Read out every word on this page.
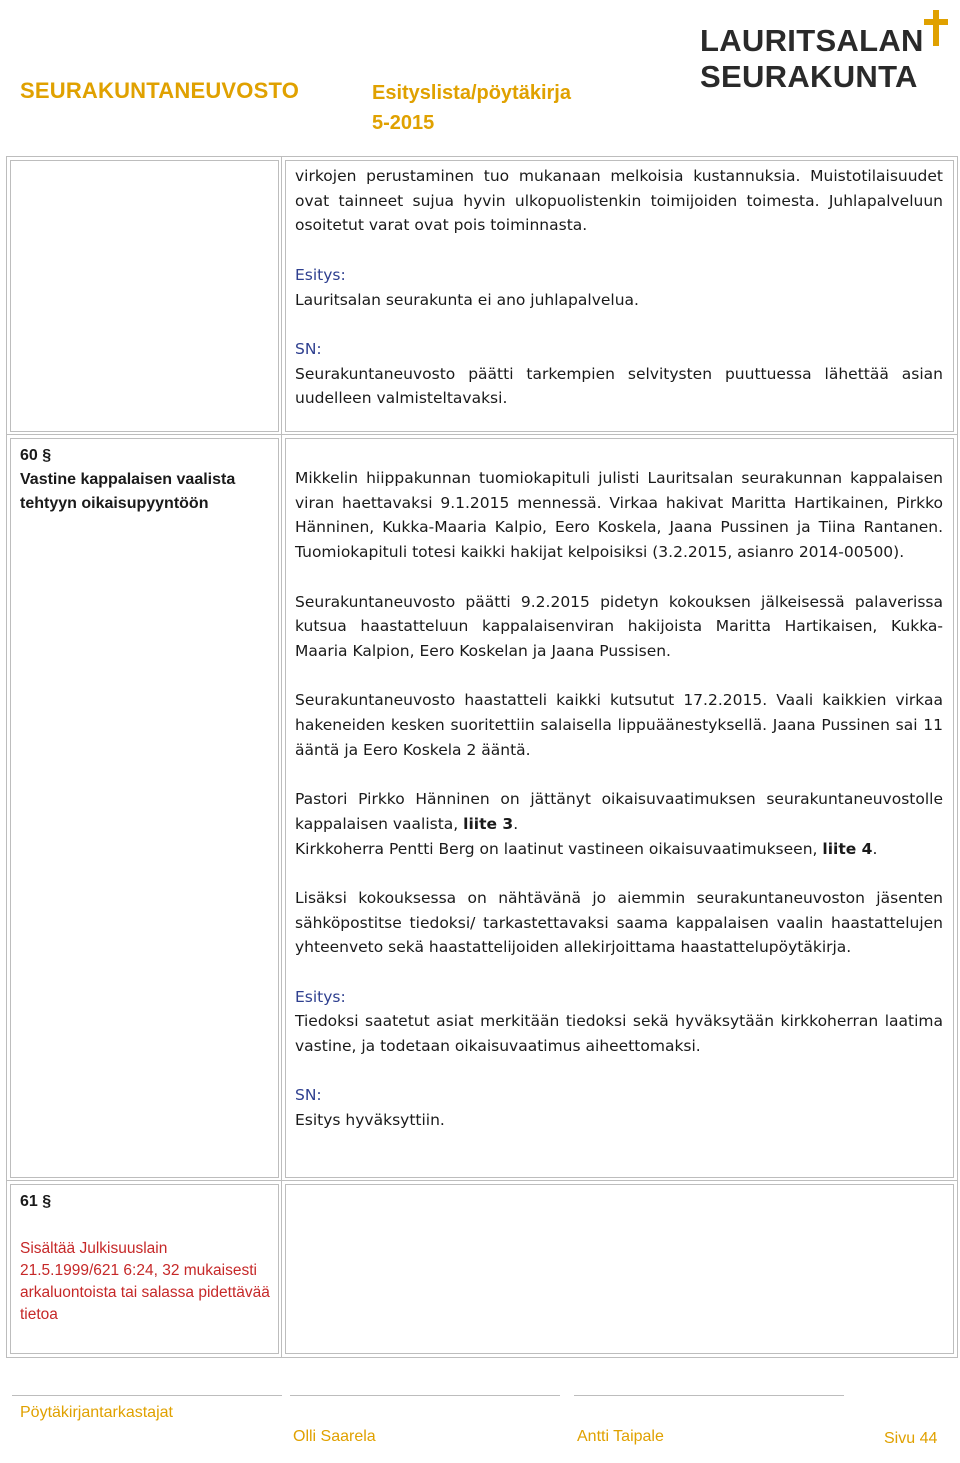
SEURAKUNTANEUVOSTO	Esityslista/pöytäkirja
5-2015
LAURITSALAN
SEURAKUNTA

virkojen perustaminen tuo mukanaan melkoisia kustannuksia. Muistotilaisuudet ovat tainneet sujua hyvin ulkopuolistenkin toimijoiden toimesta. Juhlapalveluun osoitetut varat ovat pois toiminnasta.

Esitys:

Lauritsalan seurakunta ei ano juhlapalvelua.

SN:

Seurakuntaneuvosto päätti tarkempien selvitysten puuttuessa lähettää asian uudelleen valmisteltavaksi.

60 §
Vastine kappalaisen vaalista tehtyyn oikaisupyyntöön

Mikkelin hiippakunnan tuomiokapituli julisti Lauritsalan seurakunnan kappalaisen viran haettavaksi 9.1.2015 mennessä. Virkaa hakivat Maritta Hartikainen, Pirkko Hänninen, Kukka-Maaria Kalpio, Eero Koskela, Jaana Pussinen ja Tiina Rantanen. Tuomiokapituli totesi kaikki hakijat kelpoisiksi (3.2.2015, asianro 2014-00500).

Seurakuntaneuvosto päätti 9.2.2015 pidetyn kokouksen jälkeisessä palaverissa kutsua haastatteluun kappalaisenviran hakijoista Maritta Hartikaisen, Kukka-Maaria Kalpion, Eero Koskelan ja Jaana Pussisen.

Seurakuntaneuvosto haastatteli kaikki kutsutut 17.2.2015. Vaali kaikkien virkaa hakeneiden kesken suoritettiin salaisella lippuäänestyksellä. Jaana Pussinen sai 11 ääntä ja Eero Koskela 2 ääntä.

Pastori Pirkko Hänninen on jättänyt oikaisuvaatimuksen seurakuntaneuvostolle kappalaisen vaalista, liite 3.

Kirkkoherra Pentti Berg on laatinut vastineen oikaisuvaatimukseen, liite 4.

Lisäksi kokouksessa on nähtävänä jo aiemmin seurakuntaneuvoston jäsenten sähköpostitse tiedoksi/ tarkastettavaksi saama kappalaisen vaalin haastattelujen yhteenveto sekä haastattelijoiden allekirjoittama haastattelupöytäkirja.

Esitys:

Tiedoksi saatetut asiat merkitään tiedoksi sekä hyväksytään kirkkoherran laatima vastine, ja todetaan oikaisuvaatimus aiheettomaksi.

SN:

Esitys hyväksyttiin.

61 §
Sisältää Julkisuuslain 21.5.1999/621 6:24, 32 mukaisesti arkaluontoista tai salassa pidettävää tietoa
Pöytäkirjantarkastajat
Olli Saarela	Antti Taipale	Sivu 44
